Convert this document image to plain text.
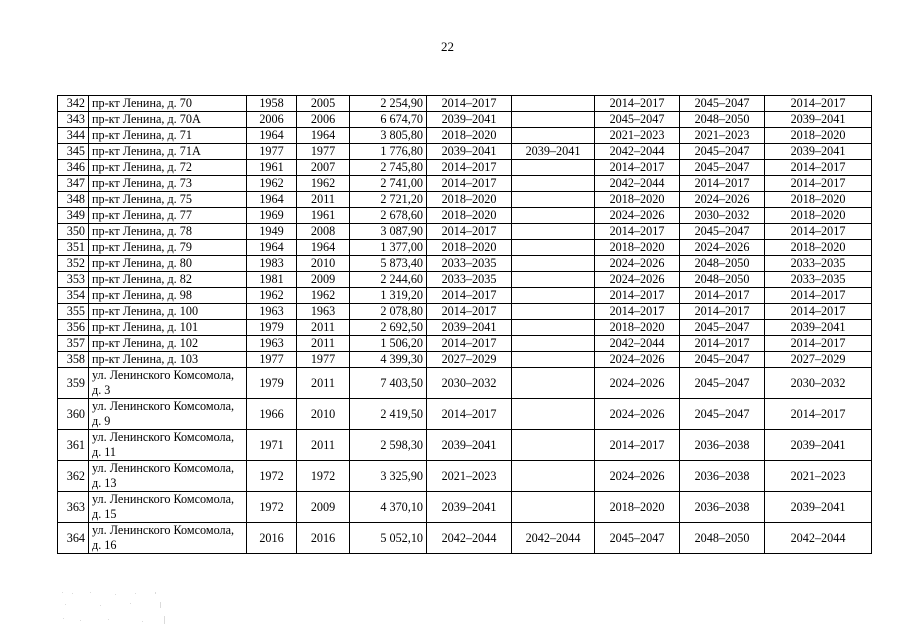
22
342	пр-кт Ленина, д. 70	1958	2005	2 254,90	2014–2017		2014–2017	2045–2047	2014–2017
343	пр-кт Ленина, д. 70А	2006	2006	6 674,70	2039–2041		2045–2047	2048–2050	2039–2041
344	пр-кт Ленина, д. 71	1964	1964	3 805,80	2018–2020		2021–2023	2021–2023	2018–2020
345	пр-кт Ленина, д. 71А	1977	1977	1 776,80	2039–2041	2039–2041	2042–2044	2045–2047	2039–2041
346	пр-кт Ленина, д. 72	1961	2007	2 745,80	2014–2017		2014–2017	2045–2047	2014–2017
347	пр-кт Ленина, д. 73	1962	1962	2 741,00	2014–2017		2042–2044	2014–2017	2014–2017
348	пр-кт Ленина, д. 75	1964	2011	2 721,20	2018–2020		2018–2020	2024–2026	2018–2020
349	пр-кт Ленина, д. 77	1969	1961	2 678,60	2018–2020		2024–2026	2030–2032	2018–2020
350	пр-кт Ленина, д. 78	1949	2008	3 087,90	2014–2017		2014–2017	2045–2047	2014–2017
351	пр-кт Ленина, д. 79	1964	1964	1 377,00	2018–2020		2018–2020	2024–2026	2018–2020
352	пр-кт Ленина, д. 80	1983	2010	5 873,40	2033–2035		2024–2026	2048–2050	2033–2035
353	пр-кт Ленина, д. 82	1981	2009	2 244,60	2033–2035		2024–2026	2048–2050	2033–2035
354	пр-кт Ленина, д. 98	1962	1962	1 319,20	2014–2017		2014–2017	2014–2017	2014–2017
355	пр-кт Ленина, д. 100	1963	1963	2 078,80	2014–2017		2014–2017	2014–2017	2014–2017
356	пр-кт Ленина, д. 101	1979	2011	2 692,50	2039–2041		2018–2020	2045–2047	2039–2041
357	пр-кт Ленина, д. 102	1963	2011	1 506,20	2014–2017		2042–2044	2014–2017	2014–2017
358	пр-кт Ленина, д. 103	1977	1977	4 399,30	2027–2029		2024–2026	2045–2047	2027–2029
359	ул. Ленинского Комсомола, д. 3	1979	2011	7 403,50	2030–2032		2024–2026	2045–2047	2030–2032
360	ул. Ленинского Комсомола, д. 9	1966	2010	2 419,50	2014–2017		2024–2026	2045–2047	2014–2017
361	ул. Ленинского Комсомола, д. 11	1971	2011	2 598,30	2039–2041		2014–2017	2036–2038	2039–2041
362	ул. Ленинского Комсомола, д. 13	1972	1972	3 325,90	2021–2023		2024–2026	2036–2038	2021–2023
363	ул. Ленинского Комсомола, д. 15	1972	2009	4 370,10	2039–2041		2018–2020	2036–2038	2039–2041
364	ул. Ленинского Комсомола, д. 16	2016	2016	5 052,10	2042–2044	2042–2044	2045–2047	2048–2050	2042–2044
